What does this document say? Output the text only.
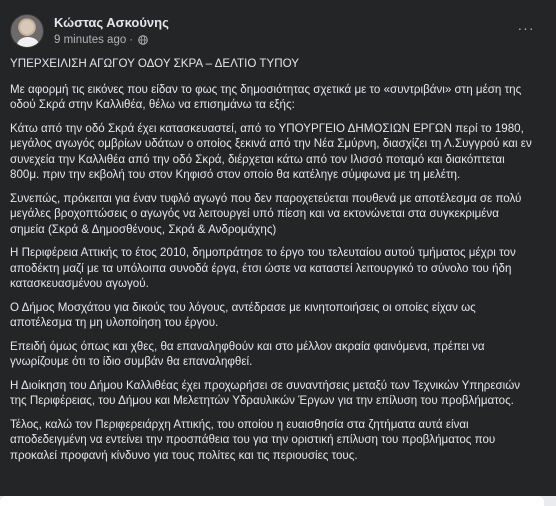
Κώστας Ασκούνης
9 minutes ago ·
···

ΥΠΕΡΧΕΙΛΙΣΗ ΑΓΩΓΟΥ ΟΔΟΥ ΣΚΡΑ – ΔΕΛΤΙΟ ΤΥΠΟΥ

Με αφορμή τις εικόνες που είδαν το φως της δημοσιότητας σχετικά με το «συντριβάνι» στη μέση της οδού Σκρά στην Καλλιθέα, θέλω να επισημάνω τα εξής:

Κάτω από την οδό Σκρά έχει κατασκευαστεί, από το ΥΠΟΥΡΓΕΙΟ ΔΗΜΟΣΙΩΝ ΕΡΓΩΝ περί το 1980, μεγάλος αγωγός ομβρίων υδάτων ο οποίος ξεκινά από την Νέα Σμύρνη, διασχίζει τη Λ.Συγγρού και εν συνεχεία την Καλλιθέα από την οδό Σκρά, διέρχεται κάτω από τον Ιλισσό ποταμό και διακόπτεται 800μ. πριν την εκβολή του στον Κηφισό στον οποίο θα κατέληγε σύμφωνα με τη μελέτη.

Συνεπώς, πρόκειται για έναν τυφλό αγωγό που δεν παροχετεύεται πουθενά με αποτέλεσμα σε πολύ μεγάλες βροχοπτώσεις ο αγωγός να λειτουργεί υπό πίεση και να εκτονώνεται στα συγκεκριμένα σημεία (Σκρά & Δημοσθένους, Σκρά & Ανδρομάχης)

Η Περιφέρεια Αττικής το έτος 2010, δημοπράτησε το έργο του τελευταίου αυτού τμήματος μέχρι τον αποδέκτη μαζί με τα υπόλοιπα συνοδά έργα, έτσι ώστε να καταστεί λειτουργικό το σύνολο του ήδη κατασκευασμένου αγωγού.

Ο Δήμος Μοσχάτου για δικούς του λόγους, αντέδρασε με κινητοποιήσεις οι οποίες είχαν ως αποτέλεσμα τη μη υλοποίηση του έργου.

Επειδή όμως όπως και χθες, θα επαναληφθούν και στο μέλλον ακραία φαινόμενα, πρέπει να γνωρίζουμε ότι το ίδιο συμβάν θα επαναληφθεί.

Η Διοίκηση του Δήμου Καλλιθέας έχει προχωρήσει σε συναντήσεις μεταξύ των Τεχνικών Υπηρεσιών της Περιφέρειας, του Δήμου και Μελετητών Υδραυλικών Έργων για την επίλυση του προβλήματος.

Τέλος, καλώ τον Περιφερειάρχη Αττικής, του οποίου η ευαισθησία στα ζητήματα αυτά είναι αποδεδειγμένη να εντείνει την προσπάθεια του για την οριστική επίλυση του προβλήματος που προκαλεί προφανή κίνδυνο για τους πολίτες και τις περιουσίες τους.
